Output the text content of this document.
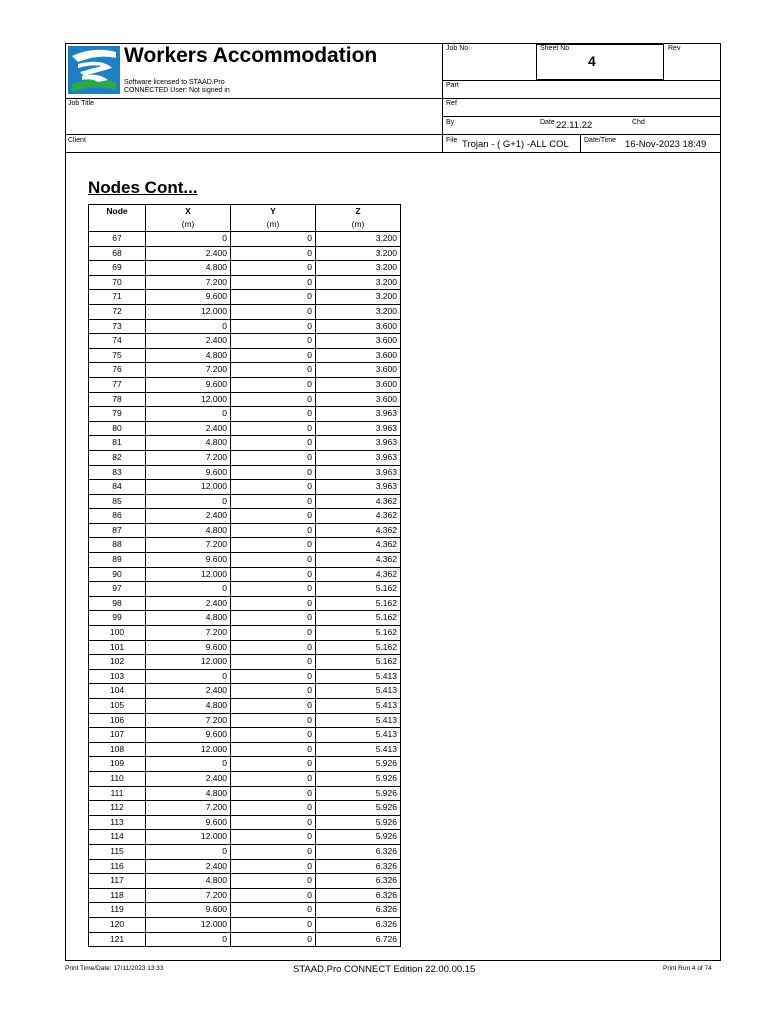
Workers Accommodation
Software licensed to STAAD.Pro
CONNECTED User: Not signed in
Job No	Sheet No
4
Rev
Part
Job Title	Ref
By	Date 22.11.22	Chd
Client	File Trojan - ( G+1) -ALL COL Date/Time 16-Nov-2023 18:49
Nodes Cont...
Node	X	Y	Z
	(m)	(m)	(m)
67	0	0	3.200
68	2.400	0	3.200
69	4.800	0	3.200
70	7.200	0	3.200
71	9.600	0	3.200
72	12.000	0	3.200
73	0	0	3.600
74	2.400	0	3.600
75	4.800	0	3.600
76	7.200	0	3.600
77	9.600	0	3.600
78	12.000	0	3.600
79	0	0	3.963
80	2.400	0	3.963
81	4.800	0	3.963
82	7.200	0	3.963
83	9.600	0	3.963
84	12.000	0	3.963
85	0	0	4.362
86	2.400	0	4.362
87	4.800	0	4.362
88	7.200	0	4.362
89	9.600	0	4.362
90	12.000	0	4.362
97	0	0	5.162
98	2.400	0	5.162
99	4.800	0	5.162
100	7.200	0	5.162
101	9.600	0	5.162
102	12.000	0	5.162
103	0	0	5.413
104	2.400	0	5.413
105	4.800	0	5.413
106	7.200	0	5.413
107	9.600	0	5.413
108	12.000	0	5.413
109	0	0	5.926
110	2.400	0	5.926
111	4.800	0	5.926
112	7.200	0	5.926
113	9.600	0	5.926
114	12.000	0	5.926
115	0	0	6.326
116	2.400	0	6.326
117	4.800	0	6.326
118	7.200	0	6.326
119	9.600	0	6.326
120	12.000	0	6.326
121	0	0	6.726
Print Time/Date: 17/11/2023 13:33	STAAD.Pro CONNECT Edition 22.00.00.15	Print Run 4 of 74
